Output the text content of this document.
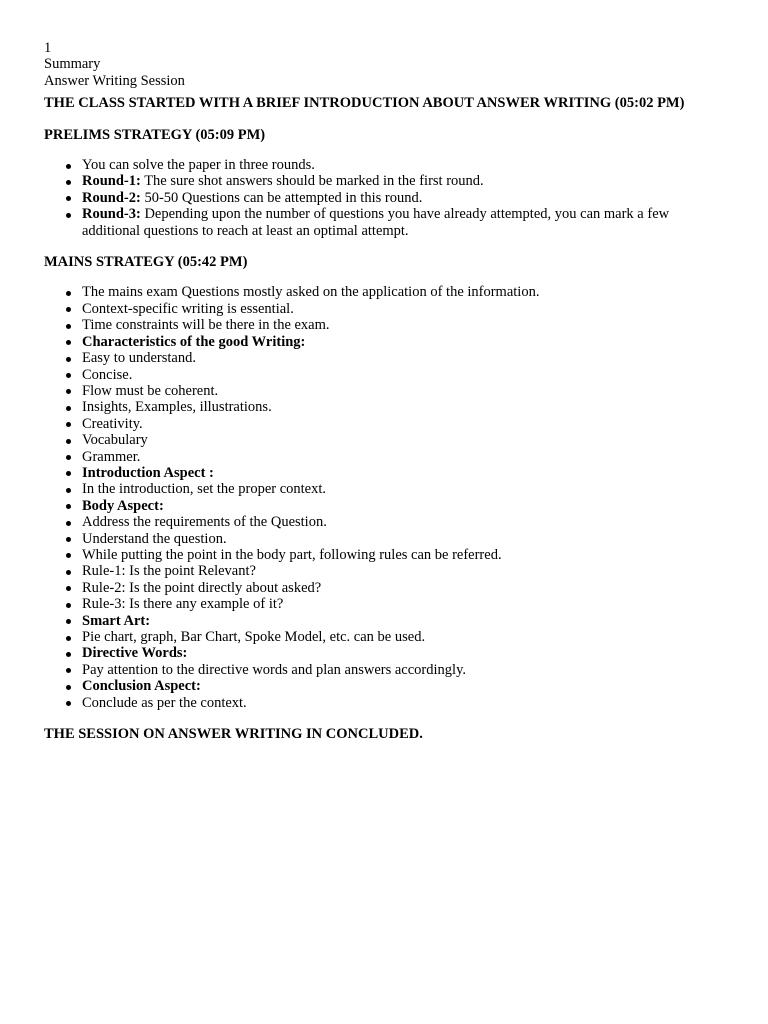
1
Summary
Answer Writing Session
THE CLASS STARTED WITH A BRIEF INTRODUCTION ABOUT ANSWER WRITING (05:02 PM)
PRELIMS STRATEGY (05:09 PM)
You can solve the paper in three rounds.
Round-1: The sure shot answers should be marked in the first round.
Round-2: 50-50 Questions can be attempted in this round.
Round-3: Depending upon the number of questions you have already attempted, you can mark a few additional questions to reach at least an optimal attempt.
MAINS STRATEGY (05:42 PM)
The mains exam Questions mostly asked on the application of the information.
Context-specific writing is essential.
Time constraints will be there in the exam.
Characteristics of the good Writing:
Easy to understand.
Concise.
Flow must be coherent.
Insights, Examples, illustrations.
Creativity.
Vocabulary
Grammer.
Introduction Aspect :
In the introduction, set the proper context.
Body Aspect:
Address the requirements of the Question.
Understand the question.
While putting the point in the body part, following rules can be referred.
Rule-1: Is the point Relevant?
Rule-2: Is the point directly about asked?
Rule-3: Is there any example of it?
Smart Art:
Pie chart, graph, Bar Chart, Spoke Model, etc. can be used.
Directive Words:
Pay attention to the directive words and plan answers accordingly.
Conclusion Aspect:
Conclude as per the context.
THE SESSION ON ANSWER WRITING IN CONCLUDED.
